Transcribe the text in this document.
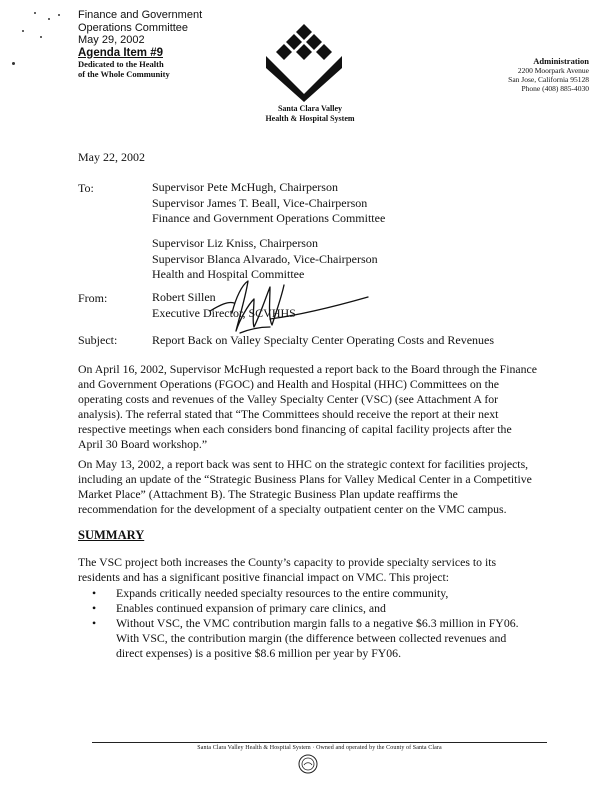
Finance and Government
Operations Committee
May 29, 2002
Agenda Item #9
Dedicated to the Health
of the Whole Community
Santa Clara Valley
Health & Hospital System
Administration
2200 Moorpark Avenue
San Jose, California 95128
Phone (408) 885-4030
May 22, 2002
To:	Supervisor Pete McHugh, Chairperson
Supervisor James T. Beall, Vice-Chairperson
Finance and Government Operations Committee
Supervisor Liz Kniss, Chairperson
Supervisor Blanca Alvarado, Vice-Chairperson
Health and Hospital Committee
From:	Robert Sillen
Executive Director, SCVHHS
Subject:	Report Back on Valley Specialty Center Operating Costs and Revenues
On April 16, 2002, Supervisor McHugh requested a report back to the Board through the Finance
and Government Operations (FGOC) and Health and Hospital (HHC) Committees on the
operating costs and revenues of the Valley Specialty Center (VSC) (see Attachment A for
analysis). The referral stated that “The Committees should receive the report at their next
respective meetings when each considers bond financing of capital facility projects after the
April 30 Board workshop.”
On May 13, 2002, a report back was sent to HHC on the strategic context for facilities projects,
including an update of the “Strategic Business Plans for Valley Medical Center in a Competitive
Market Place” (Attachment B). The Strategic Business Plan update reaffirms the
recommendation for the development of a specialty outpatient center on the VMC campus.
SUMMARY
The VSC project both increases the County’s capacity to provide specialty services to its
residents and has a significant positive financial impact on VMC. This project:
• Expands critically needed specialty resources to the entire community,
• Enables continued expansion of primary care clinics, and
• Without VSC, the VMC contribution margin falls to a negative $6.3 million in FY06.
With VSC, the contribution margin (the difference between collected revenues and
direct expenses) is a positive $8.6 million per year by FY06.
Santa Clara Valley Health & Hospital System · Owned and operated by the County of Santa Clara
